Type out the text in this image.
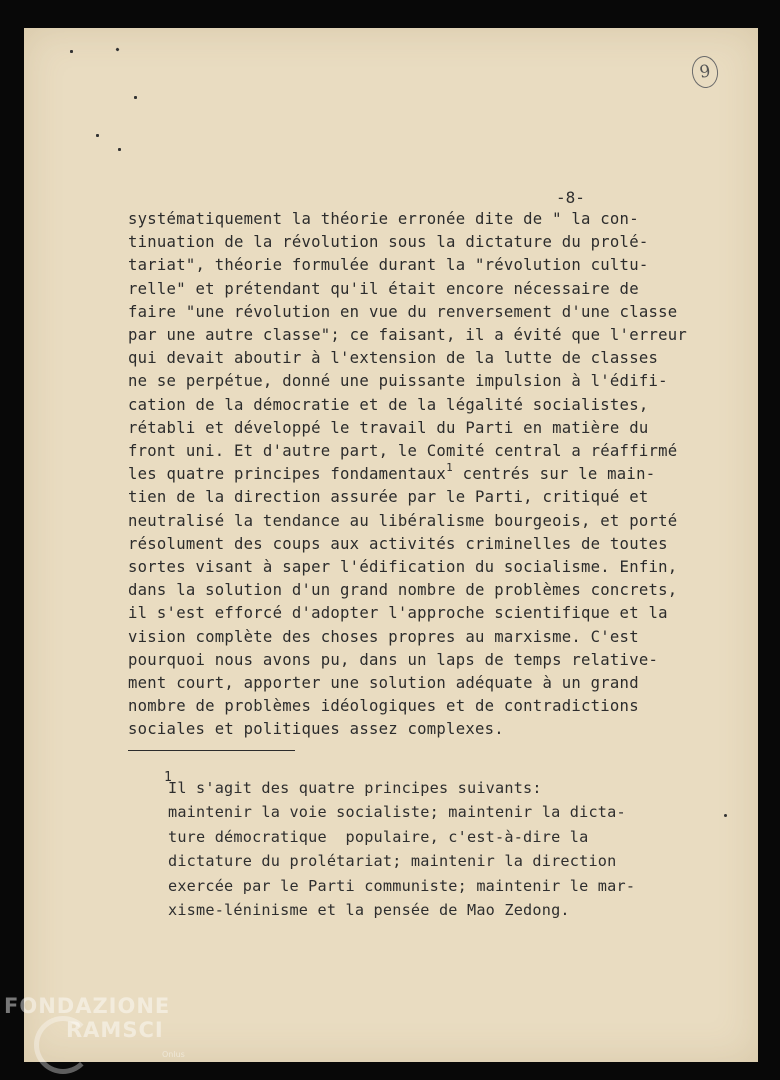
9
-8-
systématiquement la théorie erronée dite de " la con-
tinuation de la révolution sous la dictature du prolé-
tariat", théorie formulée durant la "révolution cultu-
relle" et prétendant qu'il était encore nécessaire de
faire "une révolution en vue du renversement d'une classe
par une autre classe"; ce faisant, il a évité que l'erreur
qui devait aboutir à l'extension de la lutte de classes
ne se perpétue, donné une puissante impulsion à l'édifi-
cation de la démocratie et de la légalité socialistes,
rétabli et développé le travail du Parti en matière du
front uni. Et d'autre part, le Comité central a réaffirmé
les quatre principes fondamentaux$^1$ centrés sur le main-
tien de la direction assurée par le Parti, critiqué et
neutralisé la tendance au libéralisme bourgeois, et porté
résolument des coups aux activités criminelles de toutes
sortes visant à saper l'édification du socialisme. Enfin,
dans la solution d'un grand nombre de problèmes concrets,
il s'est efforcé d'adopter l'approche scientifique et la
vision complète des choses propres au marxisme. C'est
pourquoi nous avons pu, dans un laps de temps relative-
ment court, apporter une solution adéquate à un grand
nombre de problèmes idéologiques et de contradictions
sociales et politiques assez complexes.
1
Il s'agit des quatre principes suivants:
maintenir la voie socialiste; maintenir la dicta-
ture démocratique  populaire, c'est-à-dire la
dictature du prolétariat; maintenir la direction
exercée par le Parti communiste; maintenir le mar-
xisme-léninisme et la pensée de Mao Zedong.
FONDAZIONE
RAMSCI
Onlus
